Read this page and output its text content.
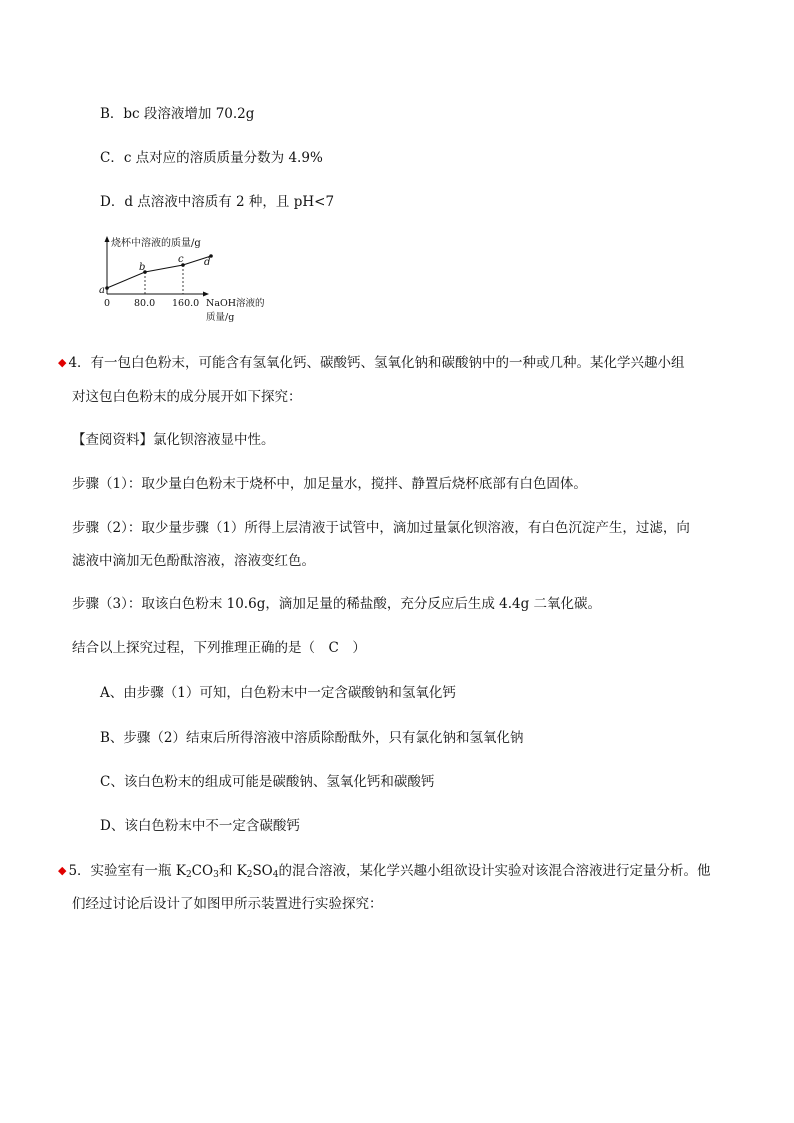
B．bc 段溶液增加 70.2g
C．c 点对应的溶质质量分数为 4.9%
D．d 点溶液中溶质有 2 种，且 pH<7
a
b
c d
烧杯中溶液的质量/g
0	80.0 160.0 NaOH溶液的
质量/g
◆ 4．有一包白色粉末，可能含有氢氧化钙、碳酸钙、氢氧化钠和碳酸钠中的一种或几种。某化学兴趣小组
对这包白色粉末的成分展开如下探究：
【查阅资料】氯化钡溶液显中性。
步骤（1）：取少量白色粉末于烧杯中，加足量水，搅拌、静置后烧杯底部有白色固体。
步骤（2）：取少量步骤（1）所得上层清液于试管中，滴加过量氯化钡溶液，有白色沉淀产生，过滤，向
滤液中滴加无色酚酞溶液，溶液变红色。
步骤（3）：取该白色粉末 10.6g，滴加足量的稀盐酸，充分反应后生成 4.4g 二氧化碳。
结合以上探究过程，下列推理正确的是（　C　）
A、由步骤（1）可知，白色粉末中一定含碳酸钠和氢氧化钙
B、步骤（2）结束后所得溶液中溶质除酚酞外，只有氯化钠和氢氧化钠
C、该白色粉末的组成可能是碳酸钠、氢氧化钙和碳酸钙
D、该白色粉末中不一定含碳酸钙
◆ 5．实验室有一瓶 $K_2CO_3$和 $K_2SO_4$的混合溶液，某化学兴趣小组欲设计实验对该混合溶液进行定量分析。他
们经过讨论后设计了如图甲所示装置进行实验探究：
